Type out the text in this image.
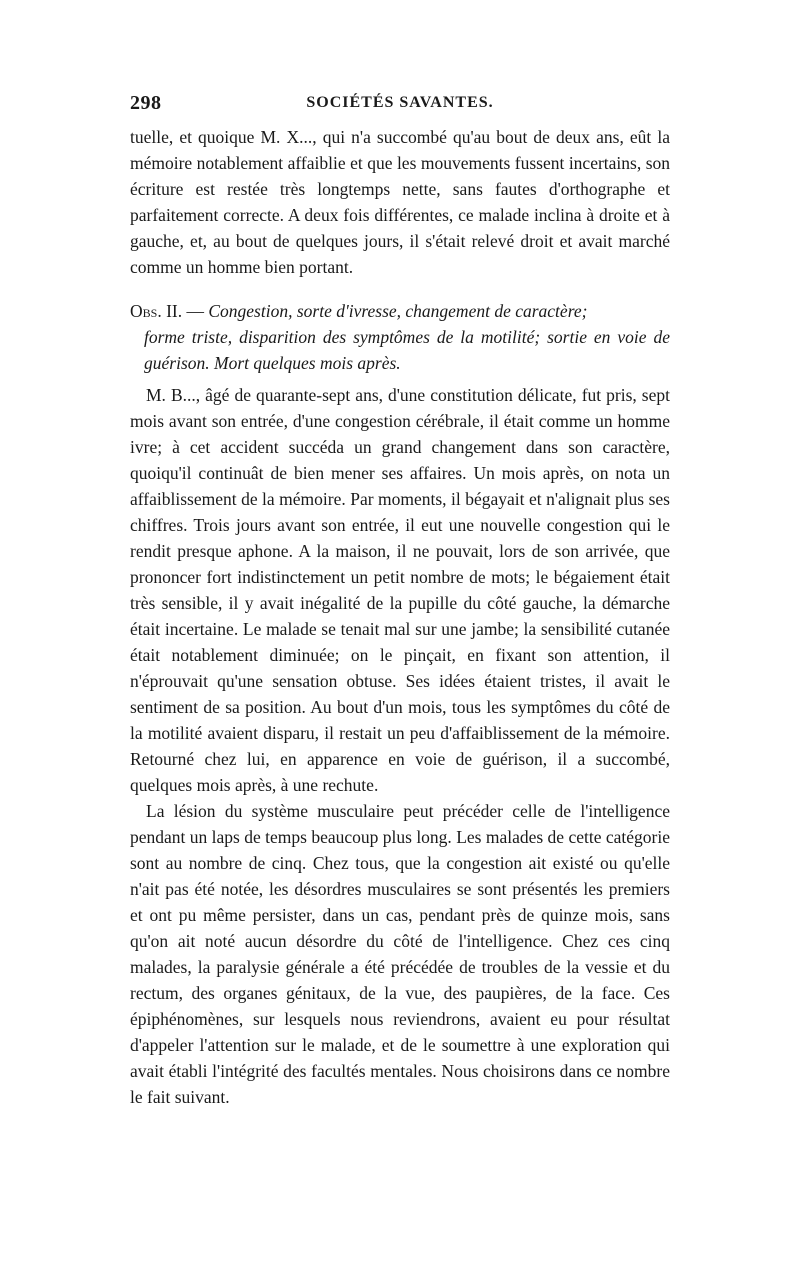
298	SOCIÉTÉS SAVANTES.

tuelle, et quoique M. X..., qui n'a succombé qu'au bout de deux ans, eût la mémoire notablement affaiblie et que les mouvements fussent incertains, son écriture est restée très longtemps nette, sans fautes d'orthographe et parfaitement correcte. A deux fois différentes, ce malade inclina à droite et à gauche, et, au bout de quelques jours, il s'était relevé droit et avait marché comme un homme bien portant.

Obs. II. — Congestion, sorte d'ivresse, changement de caractère;
forme triste, disparition des symptômes de la motilité; sortie en voie de guérison. Mort quelques mois après.

M. B..., âgé de quarante-sept ans, d'une constitution délicate, fut pris, sept mois avant son entrée, d'une congestion cérébrale, il était comme un homme ivre; à cet accident succéda un grand changement dans son caractère, quoiqu'il continuât de bien mener ses affaires. Un mois après, on nota un affaiblissement de la mémoire. Par moments, il bégayait et n'alignait plus ses chiffres. Trois jours avant son entrée, il eut une nouvelle congestion qui le rendit presque aphone. A la maison, il ne pouvait, lors de son arrivée, que prononcer fort indistinctement un petit nombre de mots; le bégaiement était très sensible, il y avait inégalité de la pupille du côté gauche, la démarche était incertaine. Le malade se tenait mal sur une jambe; la sensibilité cutanée était notablement diminuée; on le pinçait, en fixant son attention, il n'éprouvait qu'une sensation obtuse. Ses idées étaient tristes, il avait le sentiment de sa position. Au bout d'un mois, tous les symptômes du côté de la motilité avaient disparu, il restait un peu d'affaiblissement de la mémoire. Retourné chez lui, en apparence en voie de guérison, il a succombé, quelques mois après, à une rechute.

La lésion du système musculaire peut précéder celle de l'intelligence pendant un laps de temps beaucoup plus long. Les malades de cette catégorie sont au nombre de cinq. Chez tous, que la congestion ait existé ou qu'elle n'ait pas été notée, les désordres musculaires se sont présentés les premiers et ont pu même persister, dans un cas, pendant près de quinze mois, sans qu'on ait noté aucun désordre du côté de l'intelligence. Chez ces cinq malades, la paralysie générale a été précédée de troubles de la vessie et du rectum, des organes génitaux, de la vue, des paupières, de la face. Ces épiphénomènes, sur lesquels nous reviendrons, avaient eu pour résultat d'appeler l'attention sur le malade, et de le soumettre à une exploration qui avait établi l'intégrité des facultés mentales. Nous choisirons dans ce nombre le fait suivant.
